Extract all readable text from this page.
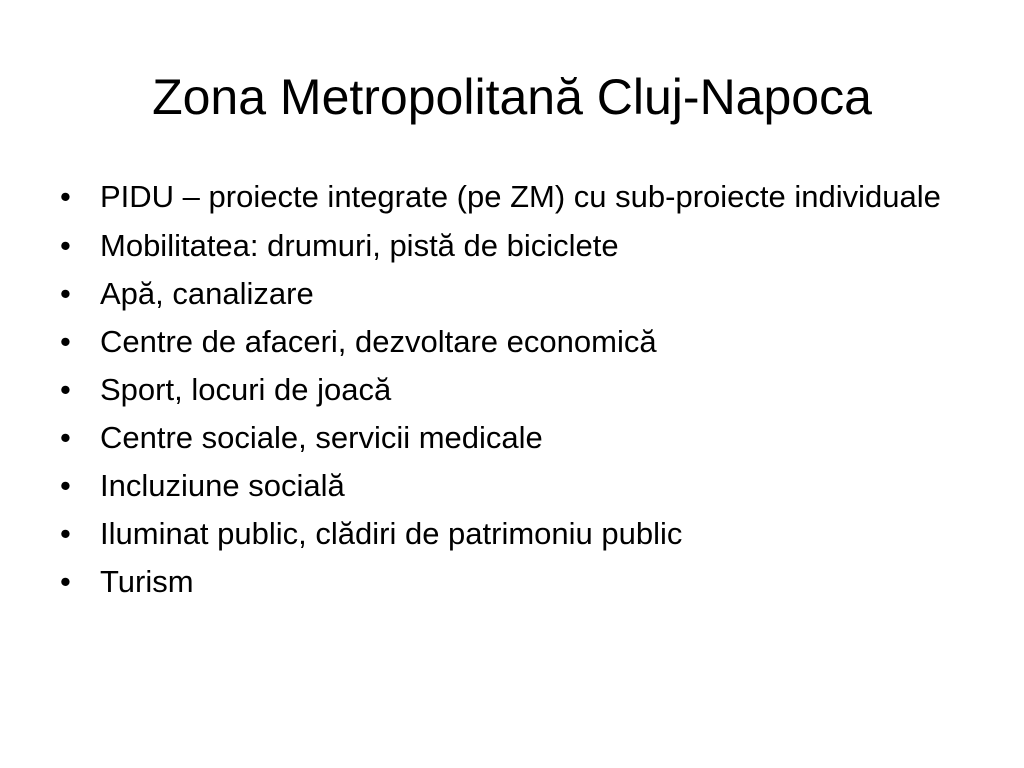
Zona Metropolitană Cluj-Napoca
• PIDU – proiecte integrate (pe ZM) cu sub-proiecte individuale
• Mobilitatea: drumuri, pistă de biciclete
• Apă, canalizare
• Centre de afaceri, dezvoltare economică
• Sport, locuri de joacă
• Centre sociale, servicii medicale
• Incluziune socială
• Iluminat public, clădiri de patrimoniu public
• Turism
